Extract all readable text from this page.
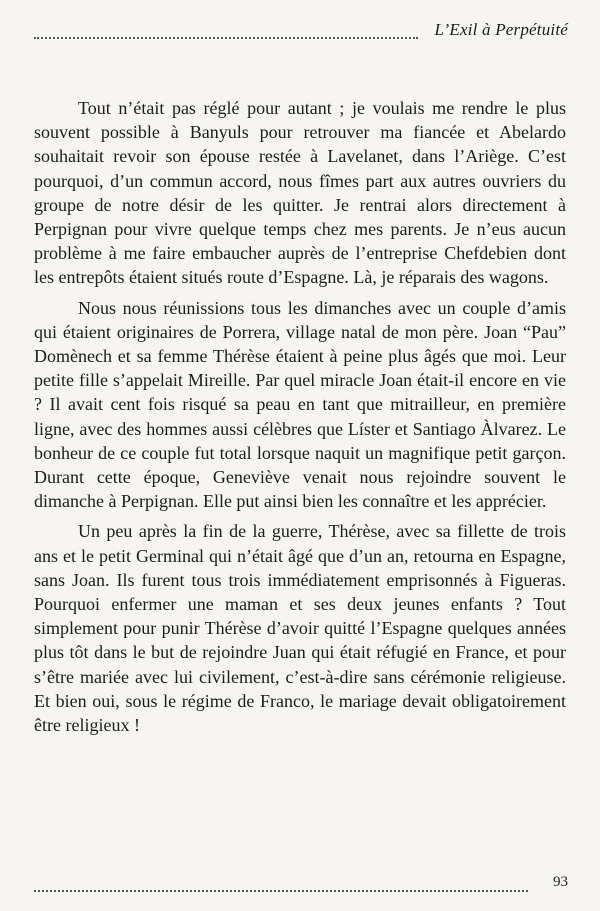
L’Exil à Perpétuité

Tout n’était pas réglé pour autant ; je voulais me rendre le plus souvent possible à Banyuls pour retrouver ma fiancée et Abelardo souhaitait revoir son épouse restée à Lavelanet, dans l’Ariège. C’est pourquoi, d’un commun accord, nous fîmes part aux autres ouvriers du groupe de notre désir de les quitter. Je rentrai alors directement à Perpignan pour vivre quelque temps chez mes parents. Je n’eus aucun problème à me faire embaucher auprès de l’entreprise Chefdebien dont les entrepôts étaient situés route d’Espagne. Là, je réparais des wagons.

Nous nous réunissions tous les dimanches avec un couple d’amis qui étaient originaires de Porrera, village natal de mon père. Joan “Pau” Domènech et sa femme Thérèse étaient à peine plus âgés que moi. Leur petite fille s’appelait Mireille. Par quel miracle Joan était-il encore en vie ? Il avait cent fois risqué sa peau en tant que mitrailleur, en première ligne, avec des hommes aussi célèbres que Líster et Santiago Àlvarez. Le bonheur de ce couple fut total lorsque naquit un magnifique petit garçon. Durant cette époque, Geneviève venait nous rejoindre souvent le dimanche à Perpignan. Elle put ainsi bien les connaître et les apprécier.

Un peu après la fin de la guerre, Thérèse, avec sa fillette de trois ans et le petit Germinal qui n’était âgé que d’un an, retourna en Espagne, sans Joan. Ils furent tous trois immédiatement emprisonnés à Figueras. Pourquoi enfermer une maman et ses deux jeunes enfants ? Tout simplement pour punir Thérèse d’avoir quitté l’Espagne quelques années plus tôt dans le but de rejoindre Juan qui était réfugié en France, et pour s’être mariée avec lui civilement, c’est-à-dire sans cérémonie religieuse. Et bien oui, sous le régime de Franco, le mariage devait obligatoirement être religieux !

93
